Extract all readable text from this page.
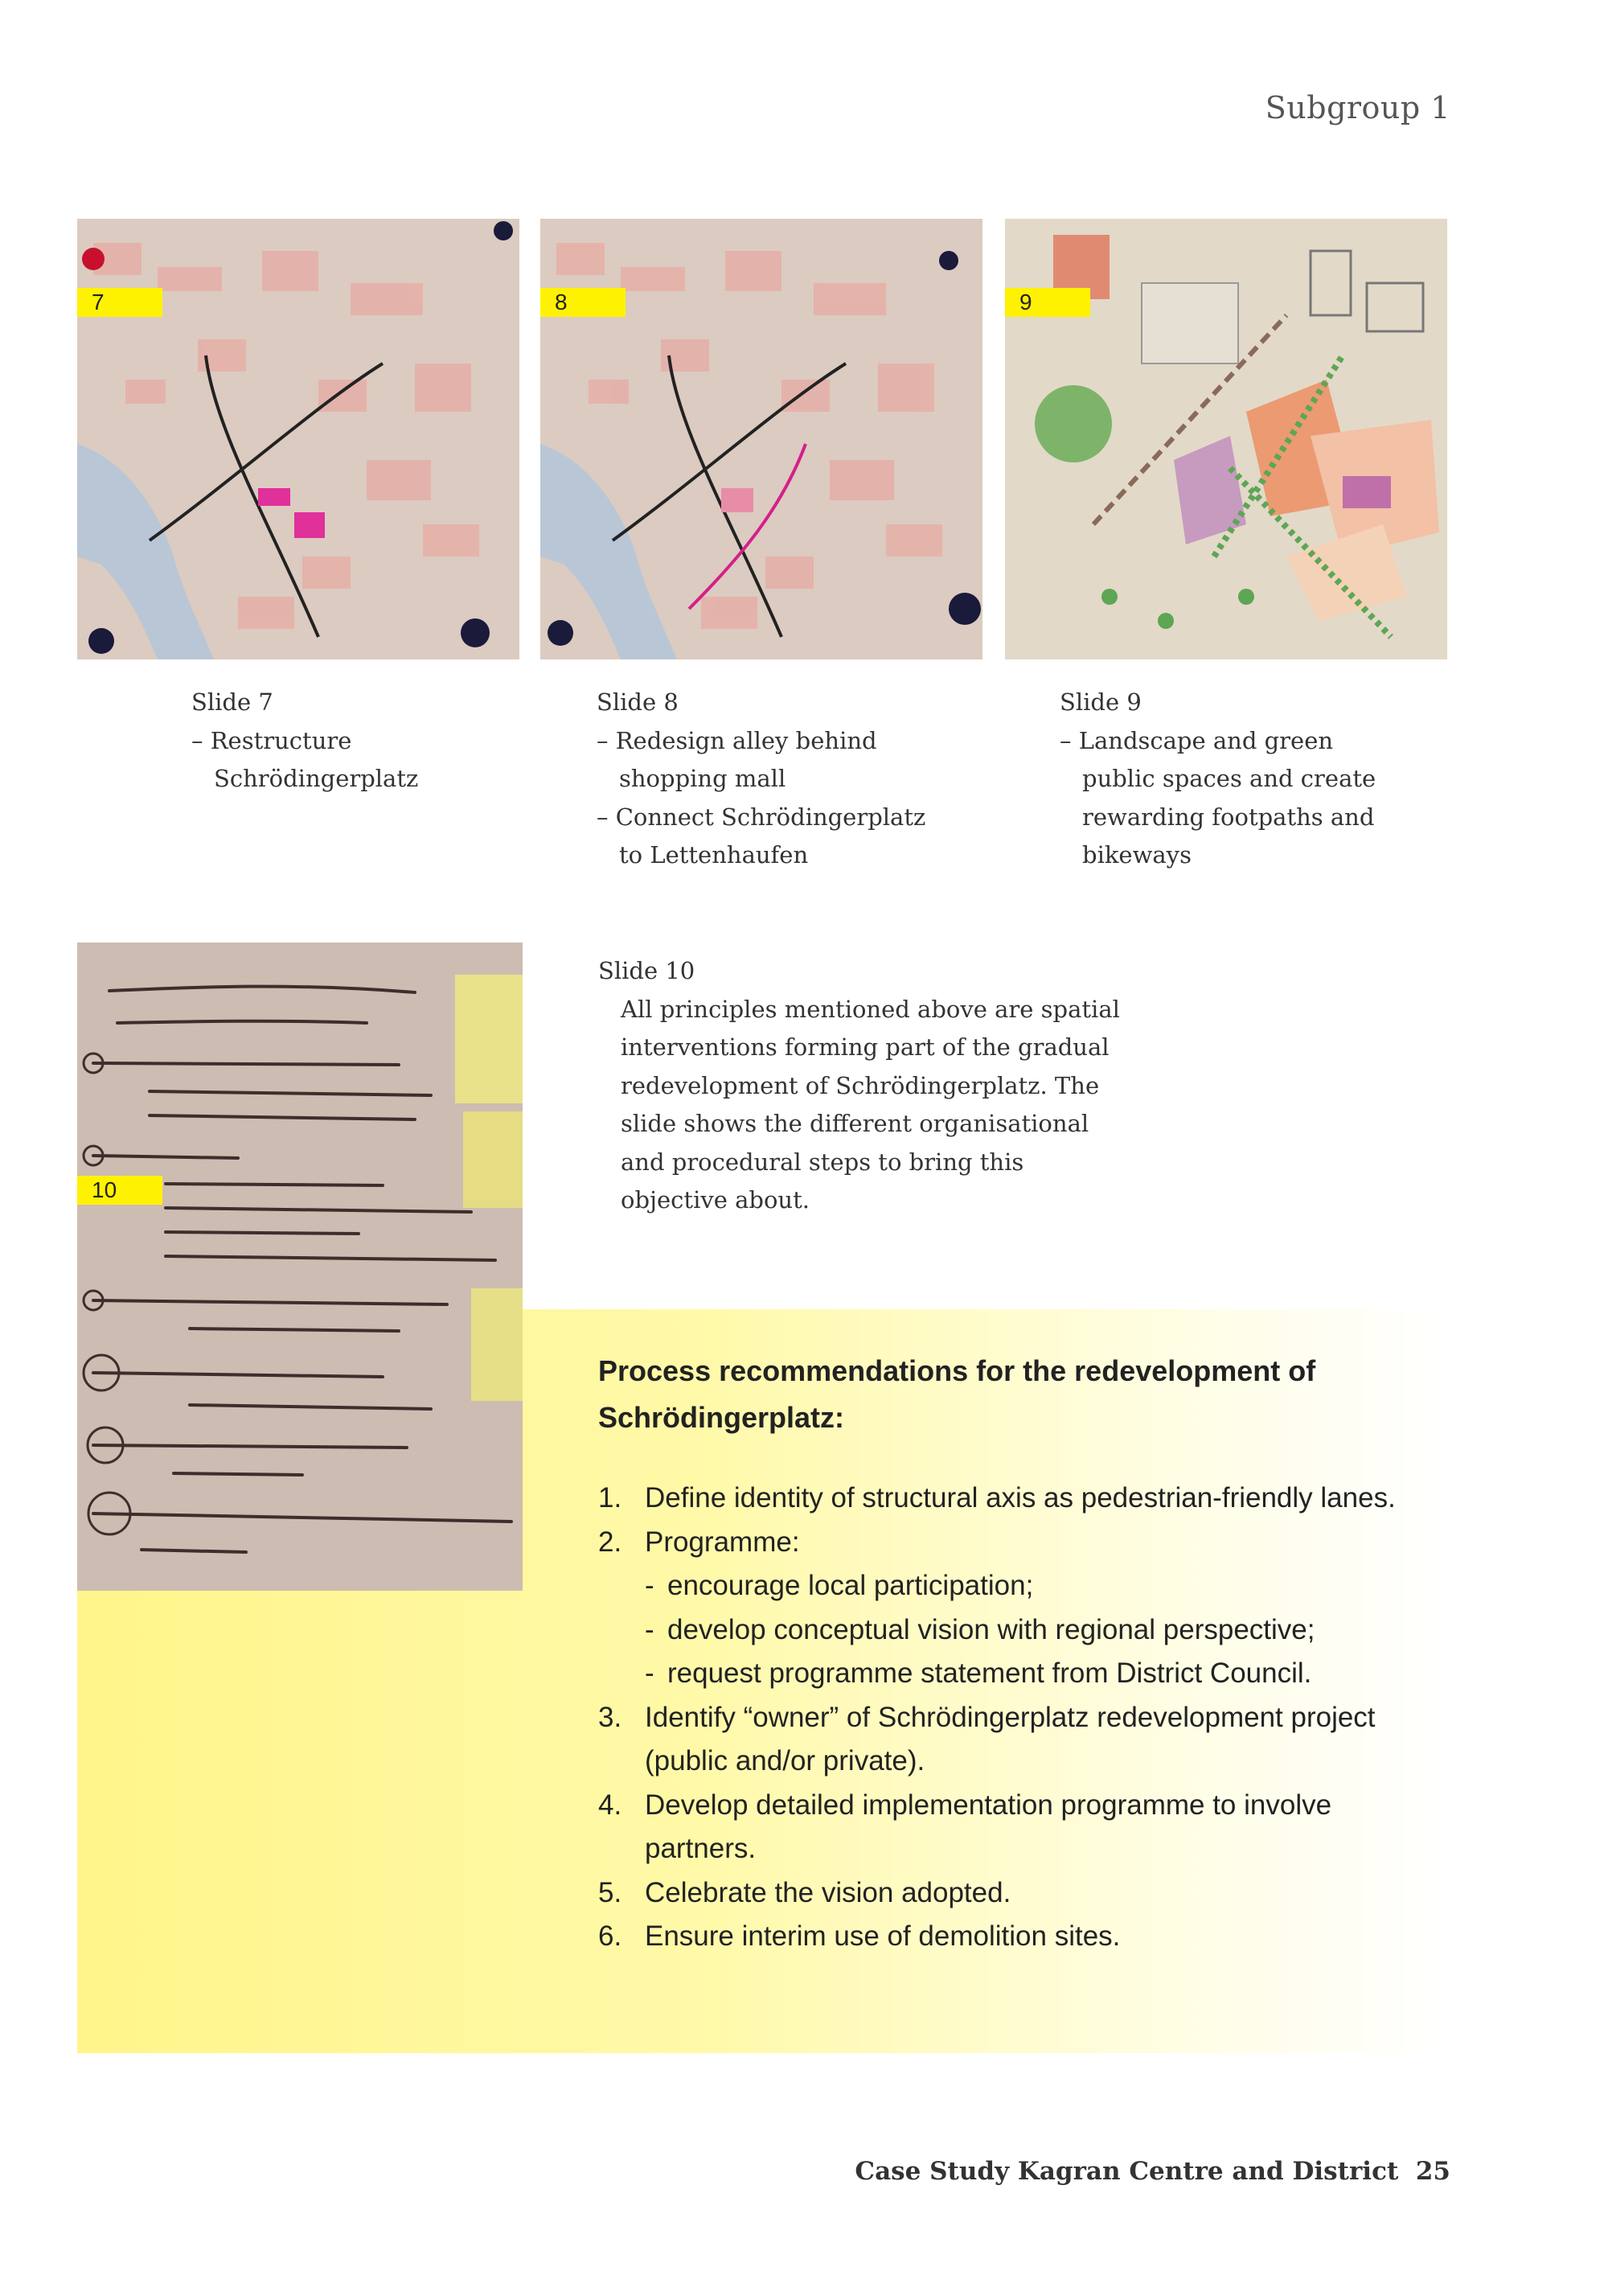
Subgroup 1
7	8	9
Slide 7
– Restructure Schrödingerplatz
Slide 8
– Redesign alley behind shopping mall
– Connect Schrödingerplatz to Lettenhaufen
Slide 9
– Landscape and green public spaces and create rewarding footpaths and bikeways
10
Slide 10
All principles mentioned above are spatial interventions forming part of the gradual redevelopment of Schrödingerplatz. The slide shows the different organisational and procedural steps to bring this objective about.
Process recommendations for the redevelopment of Schrödingerplatz:
1. Define identity of structural axis as pedestrian-friendly lanes.
2. Programme:
- encourage local participation;
- develop conceptual vision with regional perspective;
- request programme statement from District Council.
3. Identify “owner” of Schrödingerplatz redevelopment project (public and/or private).
4. Develop detailed implementation programme to involve partners.
5. Celebrate the vision adopted.
6. Ensure interim use of demolition sites.
Case Study Kagran Centre and District 25
